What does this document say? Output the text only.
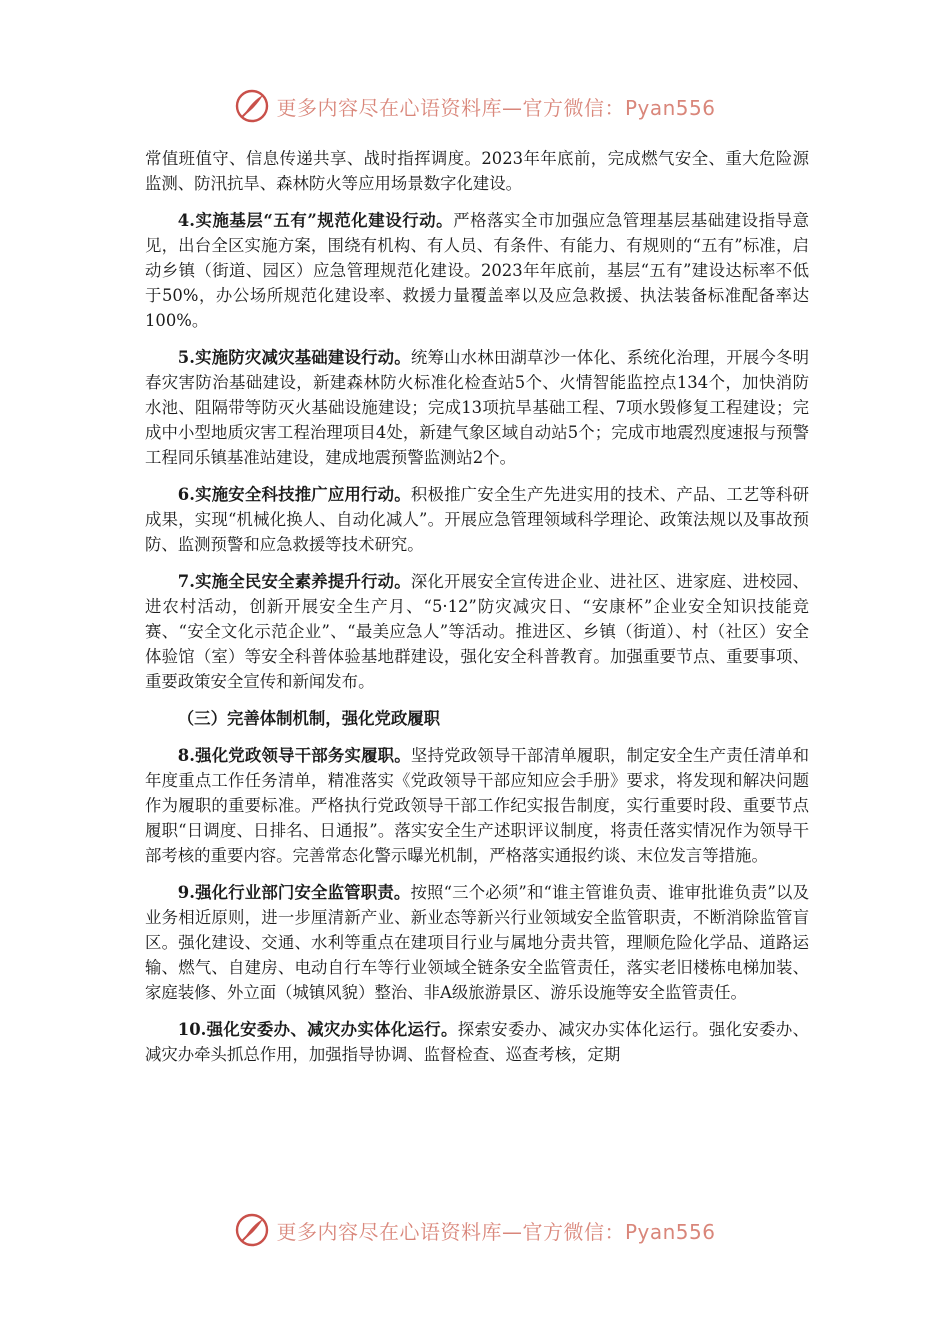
更多内容尽在心语资料库—官方微信：Pyan556

常值班值守、信息传递共享、战时指挥调度。2023年年底前，完成燃气安全、重大危险源监测、防汛抗旱、森林防火等应用场景数字化建设。

4.实施基层“五有”规范化建设行动。严格落实全市加强应急管理基层基础建设指导意见，出台全区实施方案，围绕有机构、有人员、有条件、有能力、有规则的“五有”标准，启动乡镇（街道、园区）应急管理规范化建设。2023年年底前，基层“五有”建设达标率不低于50%，办公场所规范化建设率、救援力量覆盖率以及应急救援、执法装备标准配备率达100%。

5.实施防灾减灾基础建设行动。统筹山水林田湖草沙一体化、系统化治理，开展今冬明春灾害防治基础建设，新建森林防火标准化检查站5个、火情智能监控点134个，加快消防水池、阻隔带等防灭火基础设施建设；完成13项抗旱基础工程、7项水毁修复工程建设；完成中小型地质灾害工程治理项目4处，新建气象区域自动站5个；完成市地震烈度速报与预警工程同乐镇基准站建设，建成地震预警监测站2个。

6.实施安全科技推广应用行动。积极推广安全生产先进实用的技术、产品、工艺等科研成果，实现“机械化换人、自动化减人”。开展应急管理领域科学理论、政策法规以及事故预防、监测预警和应急救援等技术研究。

7.实施全民安全素养提升行动。深化开展安全宣传进企业、进社区、进家庭、进校园、进农村活动，创新开展安全生产月、“5·12”防灾减灾日、“安康杯”企业安全知识技能竞赛、“安全文化示范企业”、“最美应急人”等活动。推进区、乡镇（街道）、村（社区）安全体验馆（室）等安全科普体验基地群建设，强化安全科普教育。加强重要节点、重要事项、重要政策安全宣传和新闻发布。

（三）完善体制机制，强化党政履职

8.强化党政领导干部务实履职。坚持党政领导干部清单履职，制定安全生产责任清单和年度重点工作任务清单，精准落实《党政领导干部应知应会手册》要求，将发现和解决问题作为履职的重要标准。严格执行党政领导干部工作纪实报告制度，实行重要时段、重要节点履职“日调度、日排名、日通报”。落实安全生产述职评议制度，将责任落实情况作为领导干部考核的重要内容。完善常态化警示曝光机制，严格落实通报约谈、末位发言等措施。

9.强化行业部门安全监管职责。按照“三个必须”和“谁主管谁负责、谁审批谁负责”以及业务相近原则，进一步厘清新产业、新业态等新兴行业领域安全监管职责，不断消除监管盲区。强化建设、交通、水利等重点在建项目行业与属地分责共管，理顺危险化学品、道路运输、燃气、自建房、电动自行车等行业领域全链条安全监管责任，落实老旧楼栋电梯加装、家庭装修、外立面（城镇风貌）整治、非A级旅游景区、游乐设施等安全监管责任。

10.强化安委办、减灾办实体化运行。探索安委办、减灾办实体化运行。强化安委办、减灾办牵头抓总作用，加强指导协调、监督检查、巡查考核，定期

更多内容尽在心语资料库—官方微信：Pyan556
